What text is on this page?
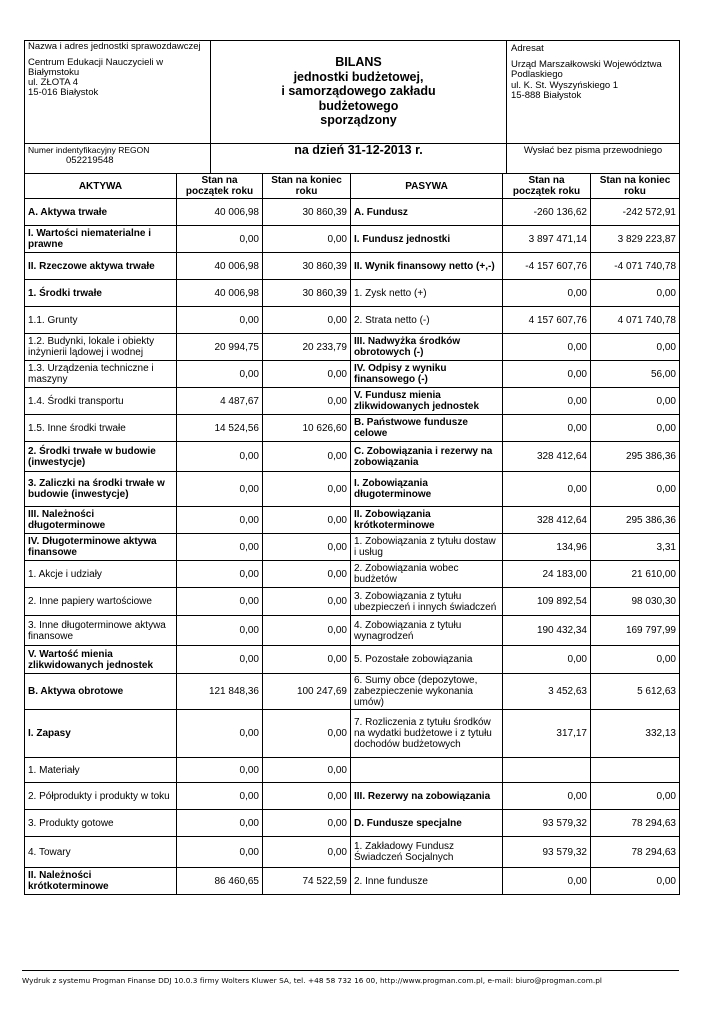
Nazwa i adres jednostki sprawozdawczej
Centrum Edukacji Nauczycieli w
Białymstoku
ul. ZŁOTA 4
15-016 Białystok	BILANS
jednostki budżetowej,
i samorządowego zakładu
budżetowego
sporządzony	Adresat
Urząd Marszałkowski Województwa
Podlaskiego
ul. K. St. Wyszyńskiego 1
15-888 Białystok

Numer indentyfikacyjny REGON
052219548	na dzień 31-12-2013 r.	Wysłać bez pisma przewodniego
AKTYWA	Stan na początek roku	Stan na koniec roku	PASYWA	Stan na początek roku	Stan na koniec roku
A. Aktywa trwałe	40 006,98	30 860,39	A. Fundusz	-260 136,62	-242 572,91
I. Wartości niematerialne i prawne	0,00	0,00	I. Fundusz jednostki	3 897 471,14	3 829 223,87
II. Rzeczowe aktywa trwałe	40 006,98	30 860,39	II. Wynik finansowy netto (+,-)	-4 157 607,76	-4 071 740,78
1. Środki trwałe	40 006,98	30 860,39	1. Zysk netto (+)	0,00	0,00
1.1. Grunty	0,00	0,00	2. Strata netto (-)	4 157 607,76	4 071 740,78
1.2. Budynki, lokale i obiekty inżynierii lądowej i wodnej	20 994,75	20 233,79	III. Nadwyżka środków obrotowych (-)	0,00	0,00
1.3. Urządzenia techniczne i maszyny	0,00	0,00	IV. Odpisy z wyniku finansowego (-)	0,00	56,00
1.4. Środki transportu	4 487,67	0,00	V. Fundusz mienia zlikwidowanych jednostek	0,00	0,00
1.5. Inne środki trwałe	14 524,56	10 626,60	B. Państwowe fundusze celowe	0,00	0,00
2. Środki trwałe w budowie (inwestycje)	0,00	0,00	C. Zobowiązania i rezerwy na zobowiązania	328 412,64	295 386,36
3. Zaliczki na środki trwałe w budowie (inwestycje)	0,00	0,00	I. Zobowiązania długoterminowe	0,00	0,00
III. Należności długoterminowe	0,00	0,00	II. Zobowiązania krótkoterminowe	328 412,64	295 386,36
IV. Długoterminowe aktywa finansowe	0,00	0,00	1. Zobowiązania z tytułu dostaw i usług	134,96	3,31
1. Akcje i udziały	0,00	0,00	2. Zobowiązania wobec budżetów	24 183,00	21 610,00
2. Inne papiery wartościowe	0,00	0,00	3. Zobowiązania z tytułu ubezpieczeń i innych świadczeń	109 892,54	98 030,30
3. Inne długoterminowe aktywa finansowe	0,00	0,00	4. Zobowiązania z tytułu wynagrodzeń	190 432,34	169 797,99
V. Wartość mienia zlikwidowanych jednostek	0,00	0,00	5. Pozostałe zobowiązania	0,00	0,00
B. Aktywa obrotowe	121 848,36	100 247,69	6. Sumy obce (depozytowe, zabezpieczenie wykonania umów)	3 452,63	5 612,63
I. Zapasy	0,00	0,00	7. Rozliczenia z tytułu środków na wydatki budżetowe i z tytułu dochodów budżetowych	317,17	332,13
1. Materiały	0,00	0,00			
2. Półprodukty i produkty w toku	0,00	0,00	III. Rezerwy na zobowiązania	0,00	0,00
3. Produkty gotowe	0,00	0,00	D. Fundusze specjalne	93 579,32	78 294,63
4. Towary	0,00	0,00	1. Zakładowy Fundusz Świadczeń Socjalnych	93 579,32	78 294,63
II. Należności krótkoterminowe	86 460,65	74 522,59	2. Inne fundusze	0,00	0,00
Wydruk z systemu Progman Finanse DDJ 10.0.3 firmy Wolters Kluwer SA, tel. +48 58 732 16 00, http://www.progman.com.pl, e-mail: biuro@progman.com.pl
